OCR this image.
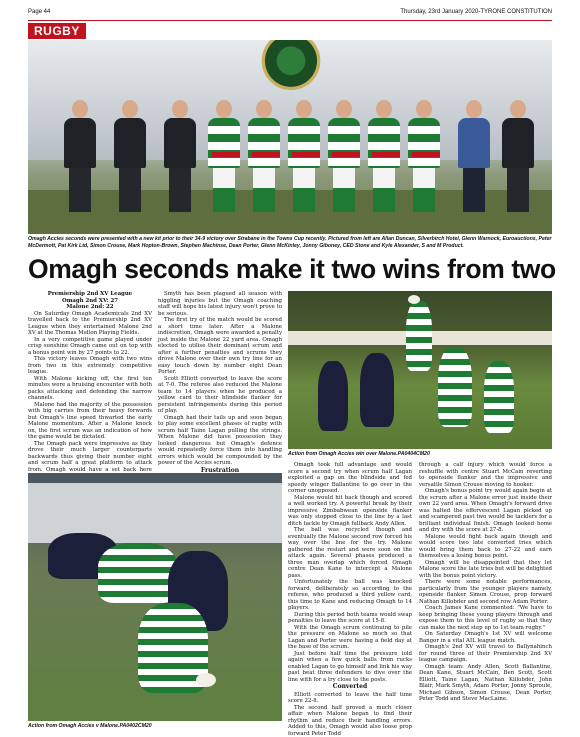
Page 44	Thursday, 23rd January 2020-TYRONE CONSTITUTION
RUGBY
Omagh Accies seconds were presented with a new kit prior to their 34-9 victory over Strabane in the Towns Cup recently. Pictured from left are Allan Duncan, Silverbirch Hotel, Glenn Warnock, Euroauctions, Peter McDermott, Pat Kirk Ltd, Simon Crouse, Mark Hopton-Brown, Stephen Machinse, Dean Porter, Glenn McKinley, Jonny Giboney, CED Stone and Kyle Alexander, S and M Product.
Omagh seconds make it two wins from two

Premiership 2nd XV League

Omagh 2nd XV: 27

Malone 2nd: 22

On Saturday Omagh Academicals 2nd XV travelled back to the Premiership 2nd XV League when they entertained Malone 2nd XV at the Thomas Mellon Playing Fields.

In a very competitive game played under crisp sunshine Omagh came out on top with a bonus point win by 27 points to 22.

This victory leaves Omagh with two wins from two in this extremely competitive league.

With Malone kicking off, the first ten minutes were a bruising encounter with both packs attacking and defending the narrow channels.

Malone had the majority of the possession with big carries from their heavy forwards but Omagh's line speed thwarted the early Malone momentum. After a Malone knock on, the first scrum was an indication of how the game would be dictated.

The Omagh pack were impressive as they drove their much larger counterparts backwards thus giving their number eight and scrum half a great platform to attack from. Omagh would have a set back here

Smyth has been plagued all season with niggling injuries but the Omagh coaching staff will hope his latest injury won't prove to be serious.

The first try of the match would be scored a short time later. After a Malone indiscretion, Omagh were awarded a penalty just inside the Malone 22 yard area. Omagh elected to utilise their dominant scrum and after a further penalties and scrums they drove Malone over their own try line for an easy touch down by number eight Dean Porter.

Scott Elliott converted to leave the score at 7-0. The referee also reduced the Malone team to 14 players when he produced a yellow card to their blindside flanker for persistent infringements during this period of play.

Omagh had their tails up and soon began to play some excellent phases of rugby with scrum half Taine Lagan pulling the strings. When Malone did have possession they looked dangerous but Omagh's defence would repeatedly force them into handling errors which would be compounded by the power of the Accies scrum.

Frustration

Action from Omagh Accies win over Malone.PA0404CM20
Action from Omagh Accies v Malone.PA0402CM20

Omagh took full advantage and would score a second try when scrum half Lagan exploited a gap on the blindside and fed speedy winger Ballantine to go over in the corner unopposed.

Malone would hit back though and scored a well worked try. A powerful break by their impressive Zimbabwean openside flanker was only stopped close to the line by a last ditch tackle by Omagh fullback Andy Allen.

The ball was recycled though and eventually the Malone second row forced his way over the line for the try. Malone gathered the restart and were soon on the attack again. Several phases produced a three man overlap which forced Omagh centre Dean Kane to intercept a Malone pass.

Unfortunately the ball was knocked forward, deliberately so according to the referee, who produced a third yellow card, this time to Kane and reducing Omagh to 14 players.

During this period both teams would swap penalties to leave the score at 15-8.

With the Omagh scrum continuing to pile the pressure on Malone so much so that Lagan and Porter were having a field day at the base of the scrum.

Just before half time the pressure told again when a few quick balls from rucks enabled Lagan to go himself and link his way past beat three defenders to dive over the line with for a try close to the posts.

Converted

Elliott converted to leave the half time score 22-8.

The second half proved a much closer affair when Malone began to find their rhythm and reduce their handling errors. Added to this, Omagh would also loose prop forward Peter Todd

through a calf injury which would force a reshuffle with centre Stuart McCain reverting to openside flanker and the impressive and versatile Simon Crouse moving to hooker.

Omagh's bonus point try would again begin at the scrum after a Malone error just inside their own 22 yard area. When Omagh's forward drive was halted the effervescent Lagan picked up and scampered past two would be tacklers for a brilliant individual finish. Omagh looked home and dry with the score at 27-8.

Malone would fight back again though and would score two late converted tries which would bring them back to 27-22 and earn themselves a losing bonus point.

Omagh will be disappointed that they let Malone score the late tries but will be delighted with the bonus point victory.

There were some notable performances, particularly from the younger players namely, openside flanker Simon Crouse, prop forward Nathan Killobder and second row Adam Porter.

Coach James Kane commented: "We have to keep bringing these young players through and expose them to this level of rugby so that they can make the next step up to 1st team rugby."

On Saturday Omagh's 1st XV will welcome Bangor in a vital AIL league match.

Omagh's 2nd XV will travel to Ballynahinch for round three of their Premiership 2nd XV league campaign.

Omagh team: Andy Allen, Scott Ballantine, Dean Kane, Stuart McCain, Ben Scott, Scott Elliott, Taine Lagan, Nathan Killobder, John Blair, Mark Smyth, Adam Porter, Jonny Sproule, Michael Gibson, Simon Crouse, Dean Porter, Peter Todd and Steve MacLaine.
